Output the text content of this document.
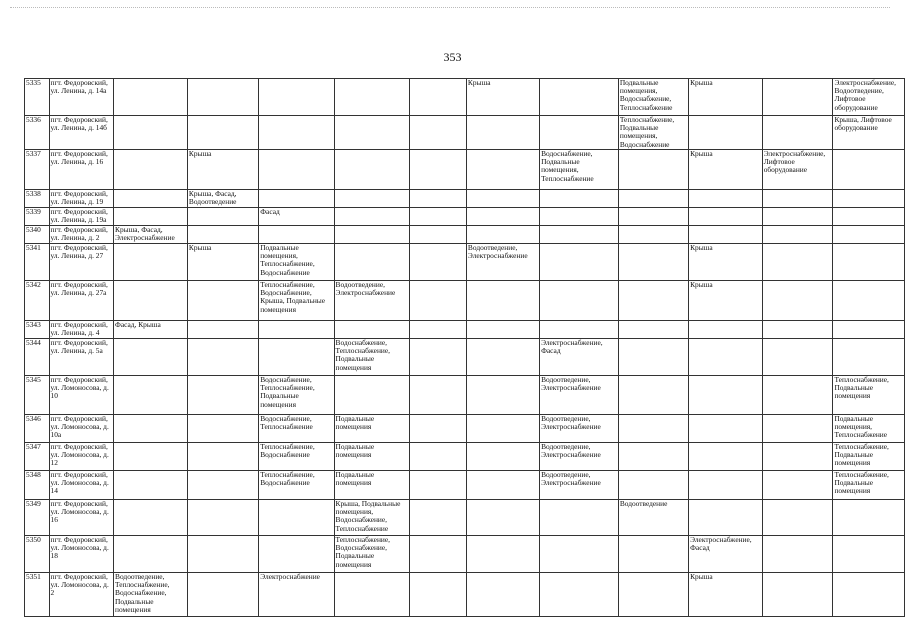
353
5335	пгт. Федоровский, ул. Ленина, д. 14а						Крыша		Подвальные помещения, Водоснабжение, Теплоснабжение	Крыша		Электроснабжение, Водоотведение, Лифтовое оборудование
5336	пгт. Федоровский, ул. Ленина, д. 14б								Теплоснабжение, Подвальные помещения, Водоснабжение			Крыша, Лифтовое оборудование
5337	пгт. Федоровский, ул. Ленина, д. 16		Крыша					Водоснабжение, Подвальные помещения, Теплоснабжение		Крыша	Электроснабжение, Лифтовое оборудование	
5338	пгт. Федоровский, ул. Ленина, д. 19		Крыша, Фасад, Водоотведение									
5339	пгт. Федоровский, ул. Ленина, д. 19а			Фасад								
5340	пгт. Федоровский, ул. Ленина, д. 2	Крыша, Фасад, Электроснабжение										
5341	пгт. Федоровский, ул. Ленина, д. 27		Крыша	Подвальные помещения, Теплоснабжение, Водоснабжение			Водоотведение, Электроснабжение			Крыша		
5342	пгт. Федоровский, ул. Ленина, д. 27а			Теплоснабжение, Водоснабжение, Крыша, Подвальные помещения	Водоотведение, Электроснабжение					Крыша		
5343	пгт. Федоровский, ул. Ленина, д. 4	Фасад, Крыша										
5344	пгт. Федоровский, ул. Ленина, д. 5а				Водоснабжение, Теплоснабжение, Подвальные помещения			Электроснабжение, Фасад				
5345	пгт. Федоровский, ул. Ломоносова, д. 10			Водоснабжение, Теплоснабжение, Подвальные помещения				Водоотведение, Электроснабжение				Теплоснабжение, Подвальные помещения
5346	пгт. Федоровский, ул. Ломоносова, д. 10а			Водоснабжение, Теплоснабжение	Подвальные помещения			Водоотведение, Электроснабжение				Подвальные помещения, Теплоснабжение
5347	пгт. Федоровский, ул. Ломоносова, д. 12			Теплоснабжение, Водоснабжение	Подвальные помещения			Водоотведение, Электроснабжение				Теплоснабжение, Подвальные помещения
5348	пгт. Федоровский, ул. Ломоносова, д. 14			Теплоснабжение, Водоснабжение	Подвальные помещения			Водоотведение, Электроснабжение				Теплоснабжение, Подвальные помещения
5349	пгт. Федоровский, ул. Ломоносова, д. 16				Крыша, Подвальные помещения, Водоснабжение, Теплоснабжение				Водоотведение			
5350	пгт. Федоровский, ул. Ломоносова, д. 18				Теплоснабжение, Водоснабжение, Подвальные помещения					Электроснабжение, Фасад		
5351	пгт. Федоровский, ул. Ломоносова, д. 2	Водоотведение, Теплоснабжение, Водоснабжение, Подвальные помещения		Электроснабжение						Крыша		
